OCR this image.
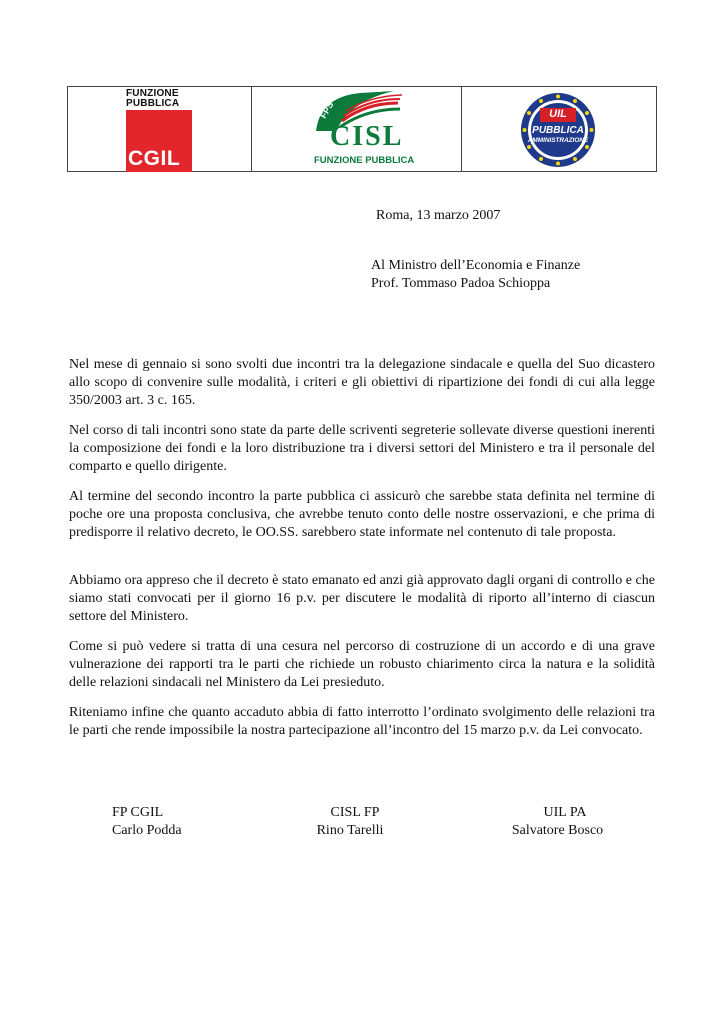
FUNZIONE
PUBBLICA
CGIL
FPS
CISL
FUNZIONE PUBBLICA
UIL
PUBBLICA
AMMINISTRAZIONE
Roma, 13 marzo 2007
Al Ministro dell’Economia e Finanze
Prof. Tommaso Padoa Schioppa
Nel mese di gennaio si sono svolti due incontri tra la delegazione sindacale e quella del Suo dicastero allo scopo di convenire sulle modalità, i criteri e gli obiettivi di ripartizione dei fondi di cui alla legge 350/2003 art. 3 c. 165.
Nel corso di tali incontri sono state da parte delle scriventi segreterie sollevate diverse questioni inerenti la composizione dei fondi e la loro distribuzione tra i diversi settori del Ministero e tra il personale del comparto e quello dirigente.
Al termine del secondo incontro la parte pubblica ci assicurò che sarebbe stata definita nel termine di poche ore una proposta conclusiva, che avrebbe tenuto conto delle nostre osservazioni, e che prima di predisporre il relativo decreto, le OO.SS. sarebbero state informate nel contenuto di tale proposta.
Abbiamo ora appreso che il decreto è stato emanato ed anzi già approvato dagli organi di controllo e che siamo stati convocati per il giorno 16 p.v. per discutere le modalità di riporto all’interno di ciascun settore del Ministero.
Come si può vedere si tratta di una cesura nel percorso di costruzione di un accordo e di una grave vulnerazione dei rapporti tra le parti che richiede un robusto chiarimento circa la natura e la solidità delle relazioni sindacali nel Ministero da Lei presieduto.
Riteniamo infine che quanto accaduto abbia di fatto interrotto l’ordinato svolgimento delle relazioni tra le parti che rende impossibile la nostra partecipazione all’incontro del 15 marzo p.v. da Lei convocato.
FP CGIL
Carlo Podda
CISL FP
Rino Tarelli
UIL PA
Salvatore Bosco
